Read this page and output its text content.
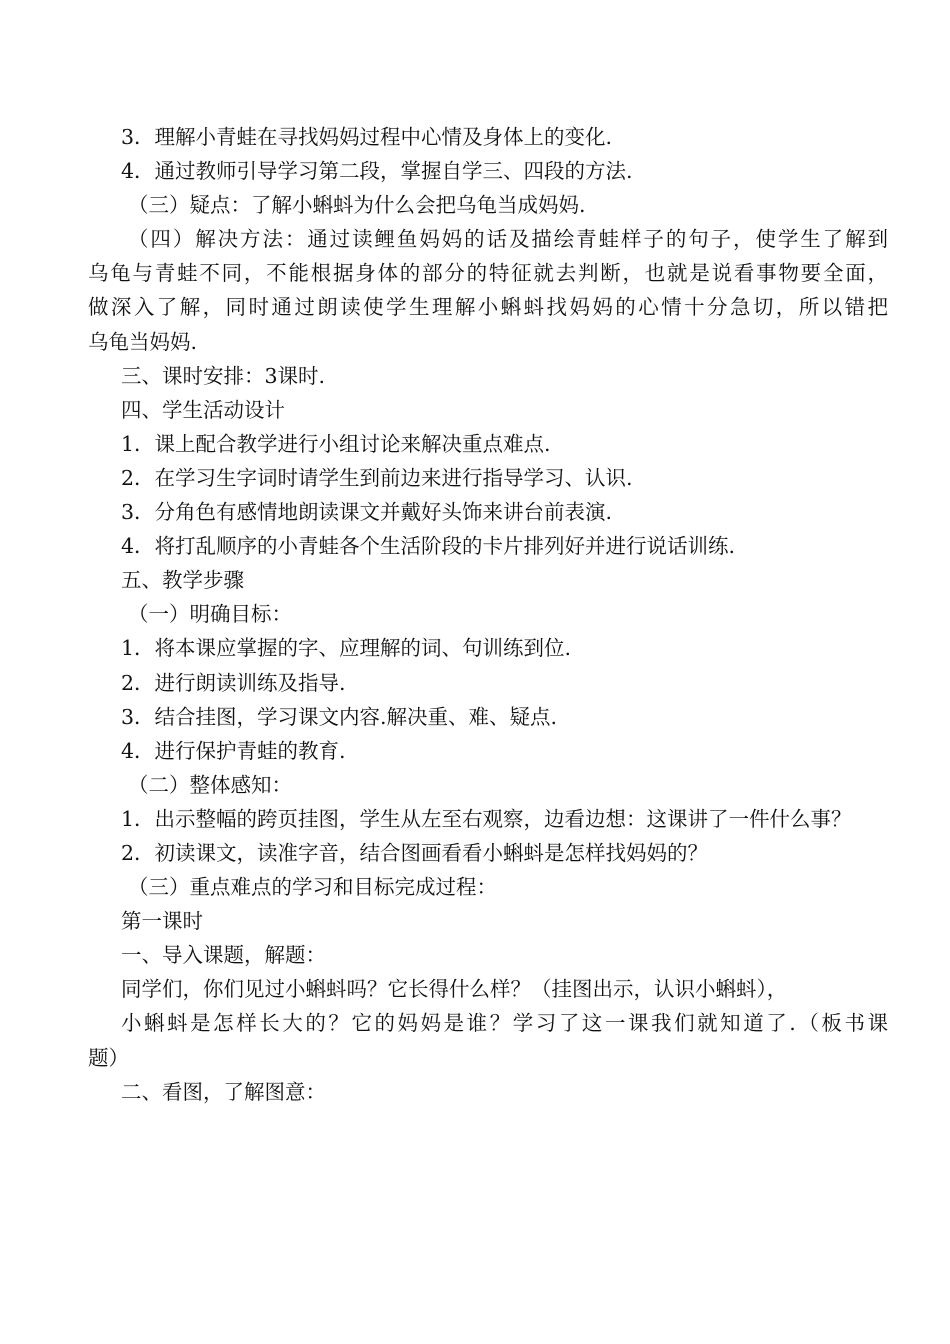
3．理解小青蛙在寻找妈妈过程中心情及身体上的变化.
4．通过教师引导学习第二段，掌握自学三、四段的方法.
（三）疑点：了解小蝌蚪为什么会把乌龟当成妈妈.
（四）解决方法：通过读鲤鱼妈妈的话及描绘青蛙样子的句子，使学生了解到
乌龟与青蛙不同，不能根据身体的部分的特征就去判断，也就是说看事物要全面，
做深入了解，同时通过朗读使学生理解小蝌蚪找妈妈的心情十分急切，所以错把
乌龟当妈妈.
三、课时安排：3课时.
四、学生活动设计
1．课上配合教学进行小组讨论来解决重点难点.
2．在学习生字词时请学生到前边来进行指导学习、认识.
3．分角色有感情地朗读课文并戴好头饰来讲台前表演.
4．将打乱顺序的小青蛙各个生活阶段的卡片排列好并进行说话训练.
五、教学步骤
（一）明确目标：
1．将本课应掌握的字、应理解的词、句训练到位.
2．进行朗读训练及指导.
3．结合挂图，学习课文内容.解决重、难、疑点.
4．进行保护青蛙的教育.
（二）整体感知：
1．出示整幅的跨页挂图，学生从左至右观察，边看边想：这课讲了一件什么事？
2．初读课文，读准字音，结合图画看看小蝌蚪是怎样找妈妈的？
（三）重点难点的学习和目标完成过程：
第一课时
一、导入课题，解题：
同学们，你们见过小蝌蚪吗？它长得什么样？（挂图出示，认识小蝌蚪），
小蝌蚪是怎样长大的？它的妈妈是谁？学习了这一课我们就知道了.（板书课
题）
二、看图，了解图意：
